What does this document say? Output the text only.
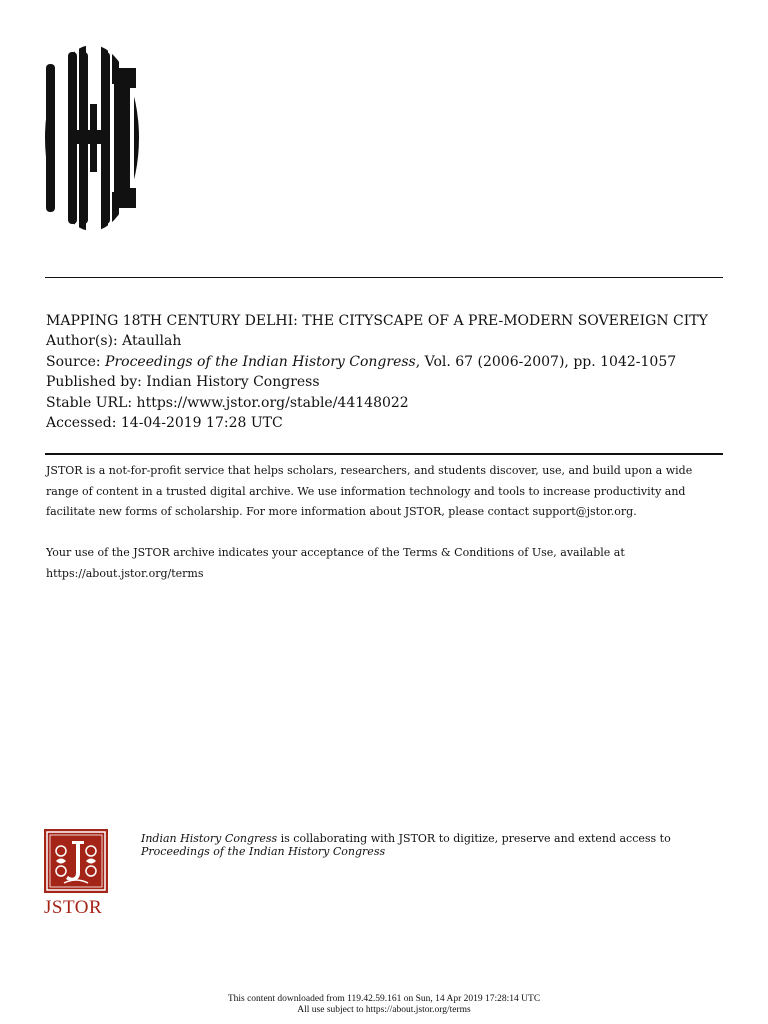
MAPPING 18TH CENTURY DELHI: THE CITYSCAPE OF A PRE-MODERN SOVEREIGN CITY
Author(s): Ataullah
Source: Proceedings of the Indian History Congress, Vol. 67 (2006-2007), pp. 1042-1057
Published by: Indian History Congress
Stable URL: https://www.jstor.org/stable/44148022
Accessed: 14-04-2019 17:28 UTC

JSTOR is a not-for-profit service that helps scholars, researchers, and students discover, use, and build upon a wide range of content in a trusted digital archive. We use information technology and tools to increase productivity and facilitate new forms of scholarship. For more information about JSTOR, please contact support@jstor.org.

Your use of the JSTOR archive indicates your acceptance of the Terms & Conditions of Use, available at https://about.jstor.org/terms

JSTOR
Indian History Congress is collaborating with JSTOR to digitize, preserve and extend access to Proceedings of the Indian History Congress
This content downloaded from 119.42.59.161 on Sun, 14 Apr 2019 17:28:14 UTC
All use subject to https://about.jstor.org/terms
